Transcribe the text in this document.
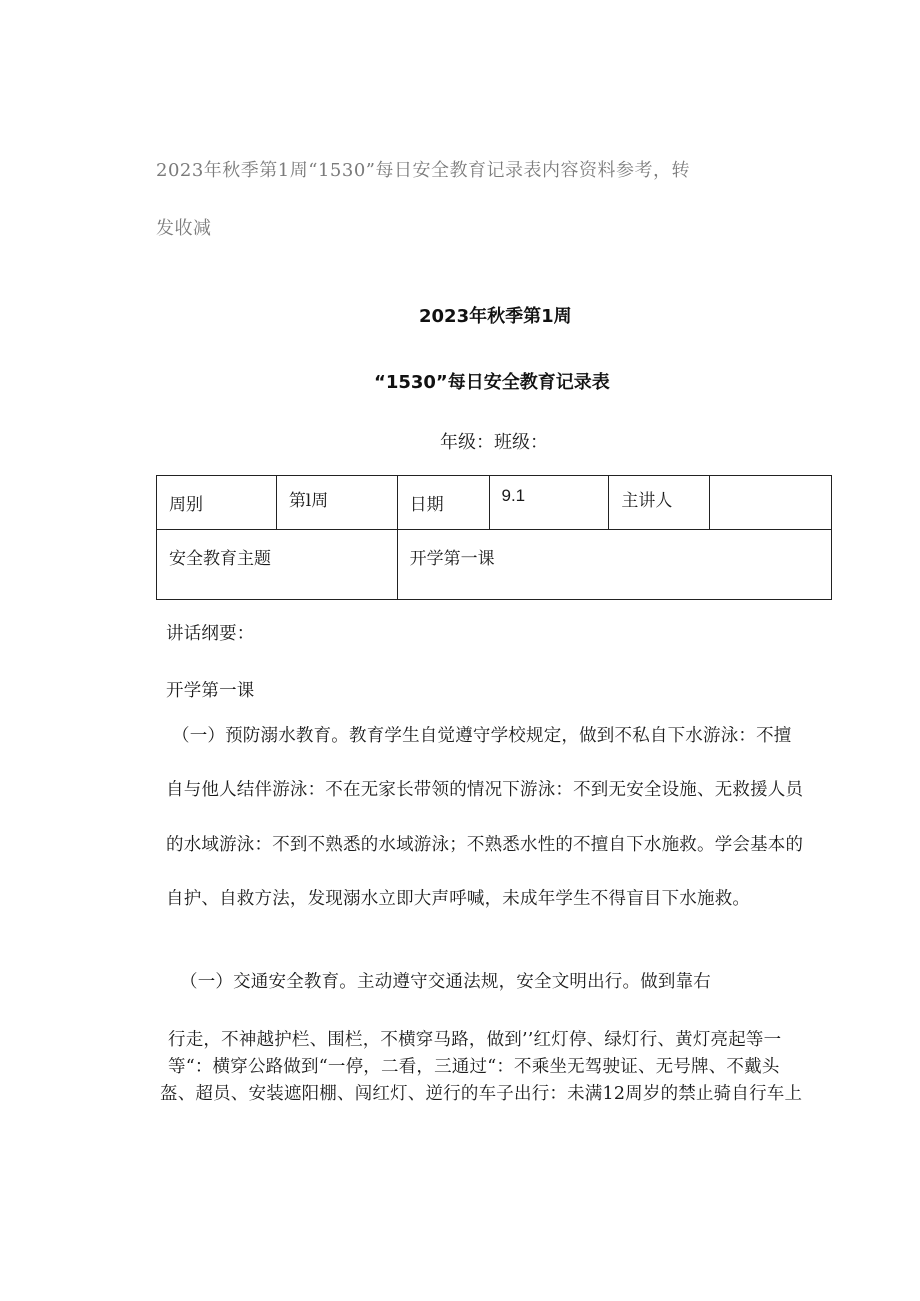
2023年秋季第1周“1530”每日安全教育记录表内容资料参考，转
发收减
2023年秋季第1周
“1530”每日安全教育记录表
年级：班级：
周别	第l周	日期	9.1	主讲人	
安全教育主题		开学第一课			
讲话纲要：
开学第一课
（一）预防溺水教育。教育学生自觉遵守学校规定，做到不私自下水游泳：不擅
自与他人结伴游泳：不在无家长带领的情况下游泳：不到无安全设施、无救援人员
的水域游泳：不到不熟悉的水域游泳；不熟悉水性的不擅自下水施救。学会基本的
自护、自救方法，发现溺水立即大声呼喊，未成年学生不得盲目下水施救。
（一）交通安全教育。主动遵守交通法规，安全文明出行。做到靠右
行走，不神越护栏、围栏，不横穿马路，做到’’红灯停、绿灯行、黄灯亮起等一
等“：横穿公路做到“一停，二看，三通过“：不乘坐无驾驶证、无号牌、不戴头
盔、超员、安装遮阳棚、闯红灯、逆行的车子出行：未满12周岁的禁止骑自行车上
